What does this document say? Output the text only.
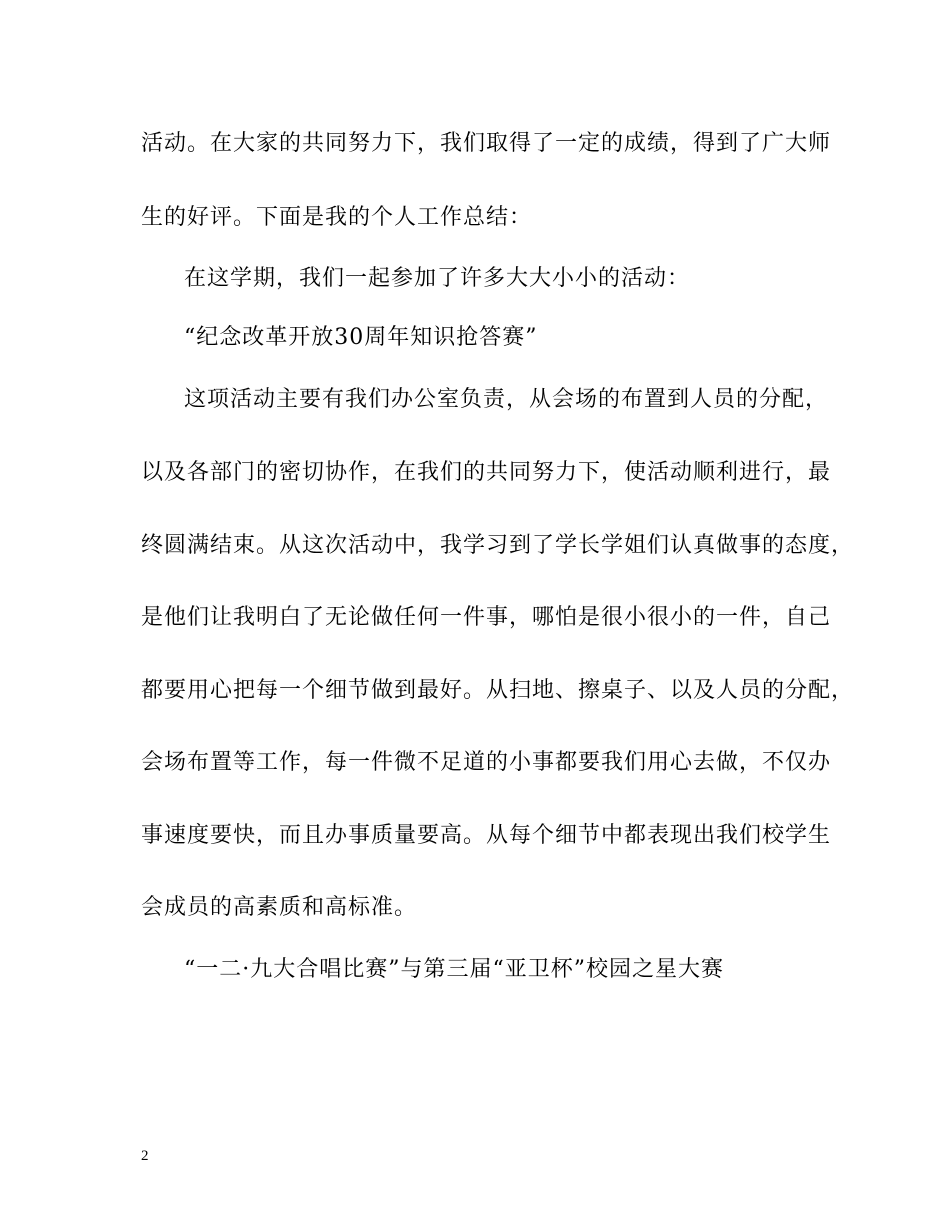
活动。在大家的共同努力下，我们取得了一定的成绩，得到了广大师
生的好评。下面是我的个人工作总结：
在这学期，我们一起参加了许多大大小小的活动：
“纪念改革开放30周年知识抢答赛”
这项活动主要有我们办公室负责，从会场的布置到人员的分配，
以及各部门的密切协作，在我们的共同努力下，使活动顺利进行，最
终圆满结束。从这次活动中，我学习到了学长学姐们认真做事的态度，
是他们让我明白了无论做任何一件事，哪怕是很小很小的一件，自己
都要用心把每一个细节做到最好。从扫地、擦桌子、以及人员的分配，
会场布置等工作，每一件微不足道的小事都要我们用心去做，不仅办
事速度要快，而且办事质量要高。从每个细节中都表现出我们校学生
会成员的高素质和高标准。
“一二·九大合唱比赛”与第三届“亚卫杯”校园之星大赛
2
